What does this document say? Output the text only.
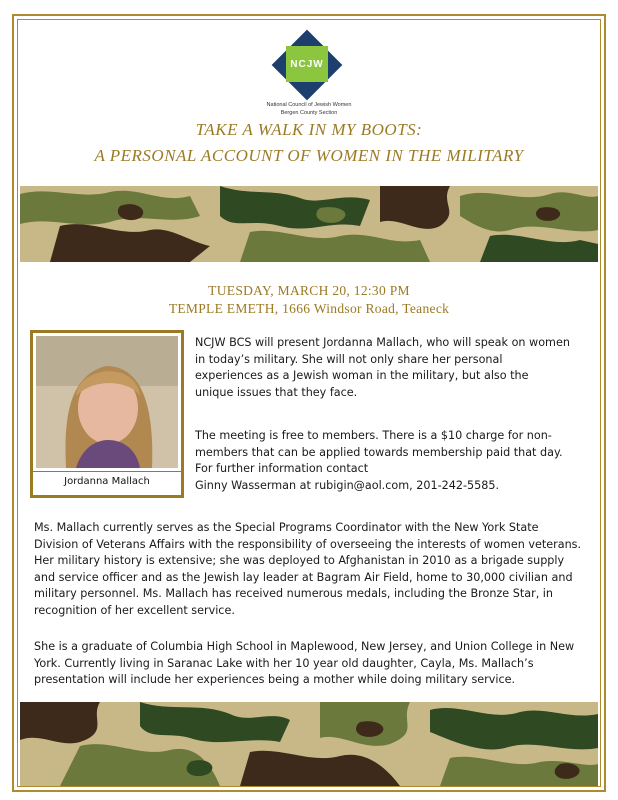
NCJW
National Council of Jewish Women
Bergen County Section
TAKE A WALK IN MY BOOTS:
A PERSONAL ACCOUNT OF WOMEN IN THE MILITARY
TUESDAY, MARCH 20, 12:30 PM
TEMPLE EMETH, 1666 Windsor Road, Teaneck
Jordanna Mallach

NCJW BCS will present Jordanna Mallach, who will speak on women in today’s military. She will not only share her personal experiences as a Jewish woman in the military, but also the unique issues that they face.

The meeting is free to members. There is a $10 charge for non-members that can be applied towards membership paid that day.

For further information contact

Ginny Wasserman at rubigin@aol.com, 201-242-5585.

Ms. Mallach currently serves as the Special Programs Coordinator with the New York State Division of Veterans Affairs with the responsibility of overseeing the interests of women veterans. Her military history is extensive; she was deployed to Afghanistan in 2010 as a brigade supply and service officer and as the Jewish lay leader at Bagram Air Field, home to 30,000 civilian and military personnel. Ms. Mallach has received numerous medals, including the Bronze Star, in recognition of her excellent service.

She is a graduate of Columbia High School in Maplewood, New Jersey, and Union College in New York. Currently living in Saranac Lake with her 10 year old daughter, Cayla, Ms. Mallach’s presentation will include her experiences being a mother while doing military service.
